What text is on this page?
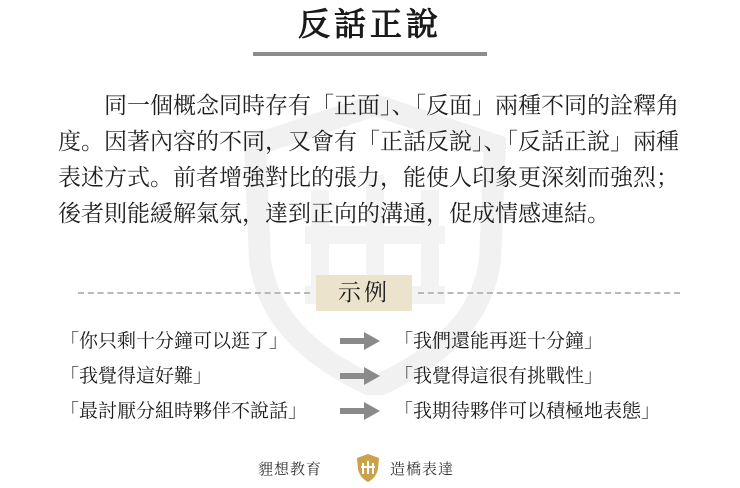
反話正說

同一個概念同時存有「正面」、「反面」兩種不同的詮釋角度。因著內容的不同，又會有「正話反說」、「反話正說」兩種表述方式。前者增強對比的張力，能使人印象更深刻而強烈；後者則能緩解氣氛，達到正向的溝通，促成情感連結。

示例
「你只剩十分鐘可以逛了」	「我們還能再逛十分鐘」
「我覺得這好難」	「我覺得這很有挑戰性」
「最討厭分組時夥伴不說話」	「我期待夥伴可以積極地表態」
貍想教育	造橋表達
